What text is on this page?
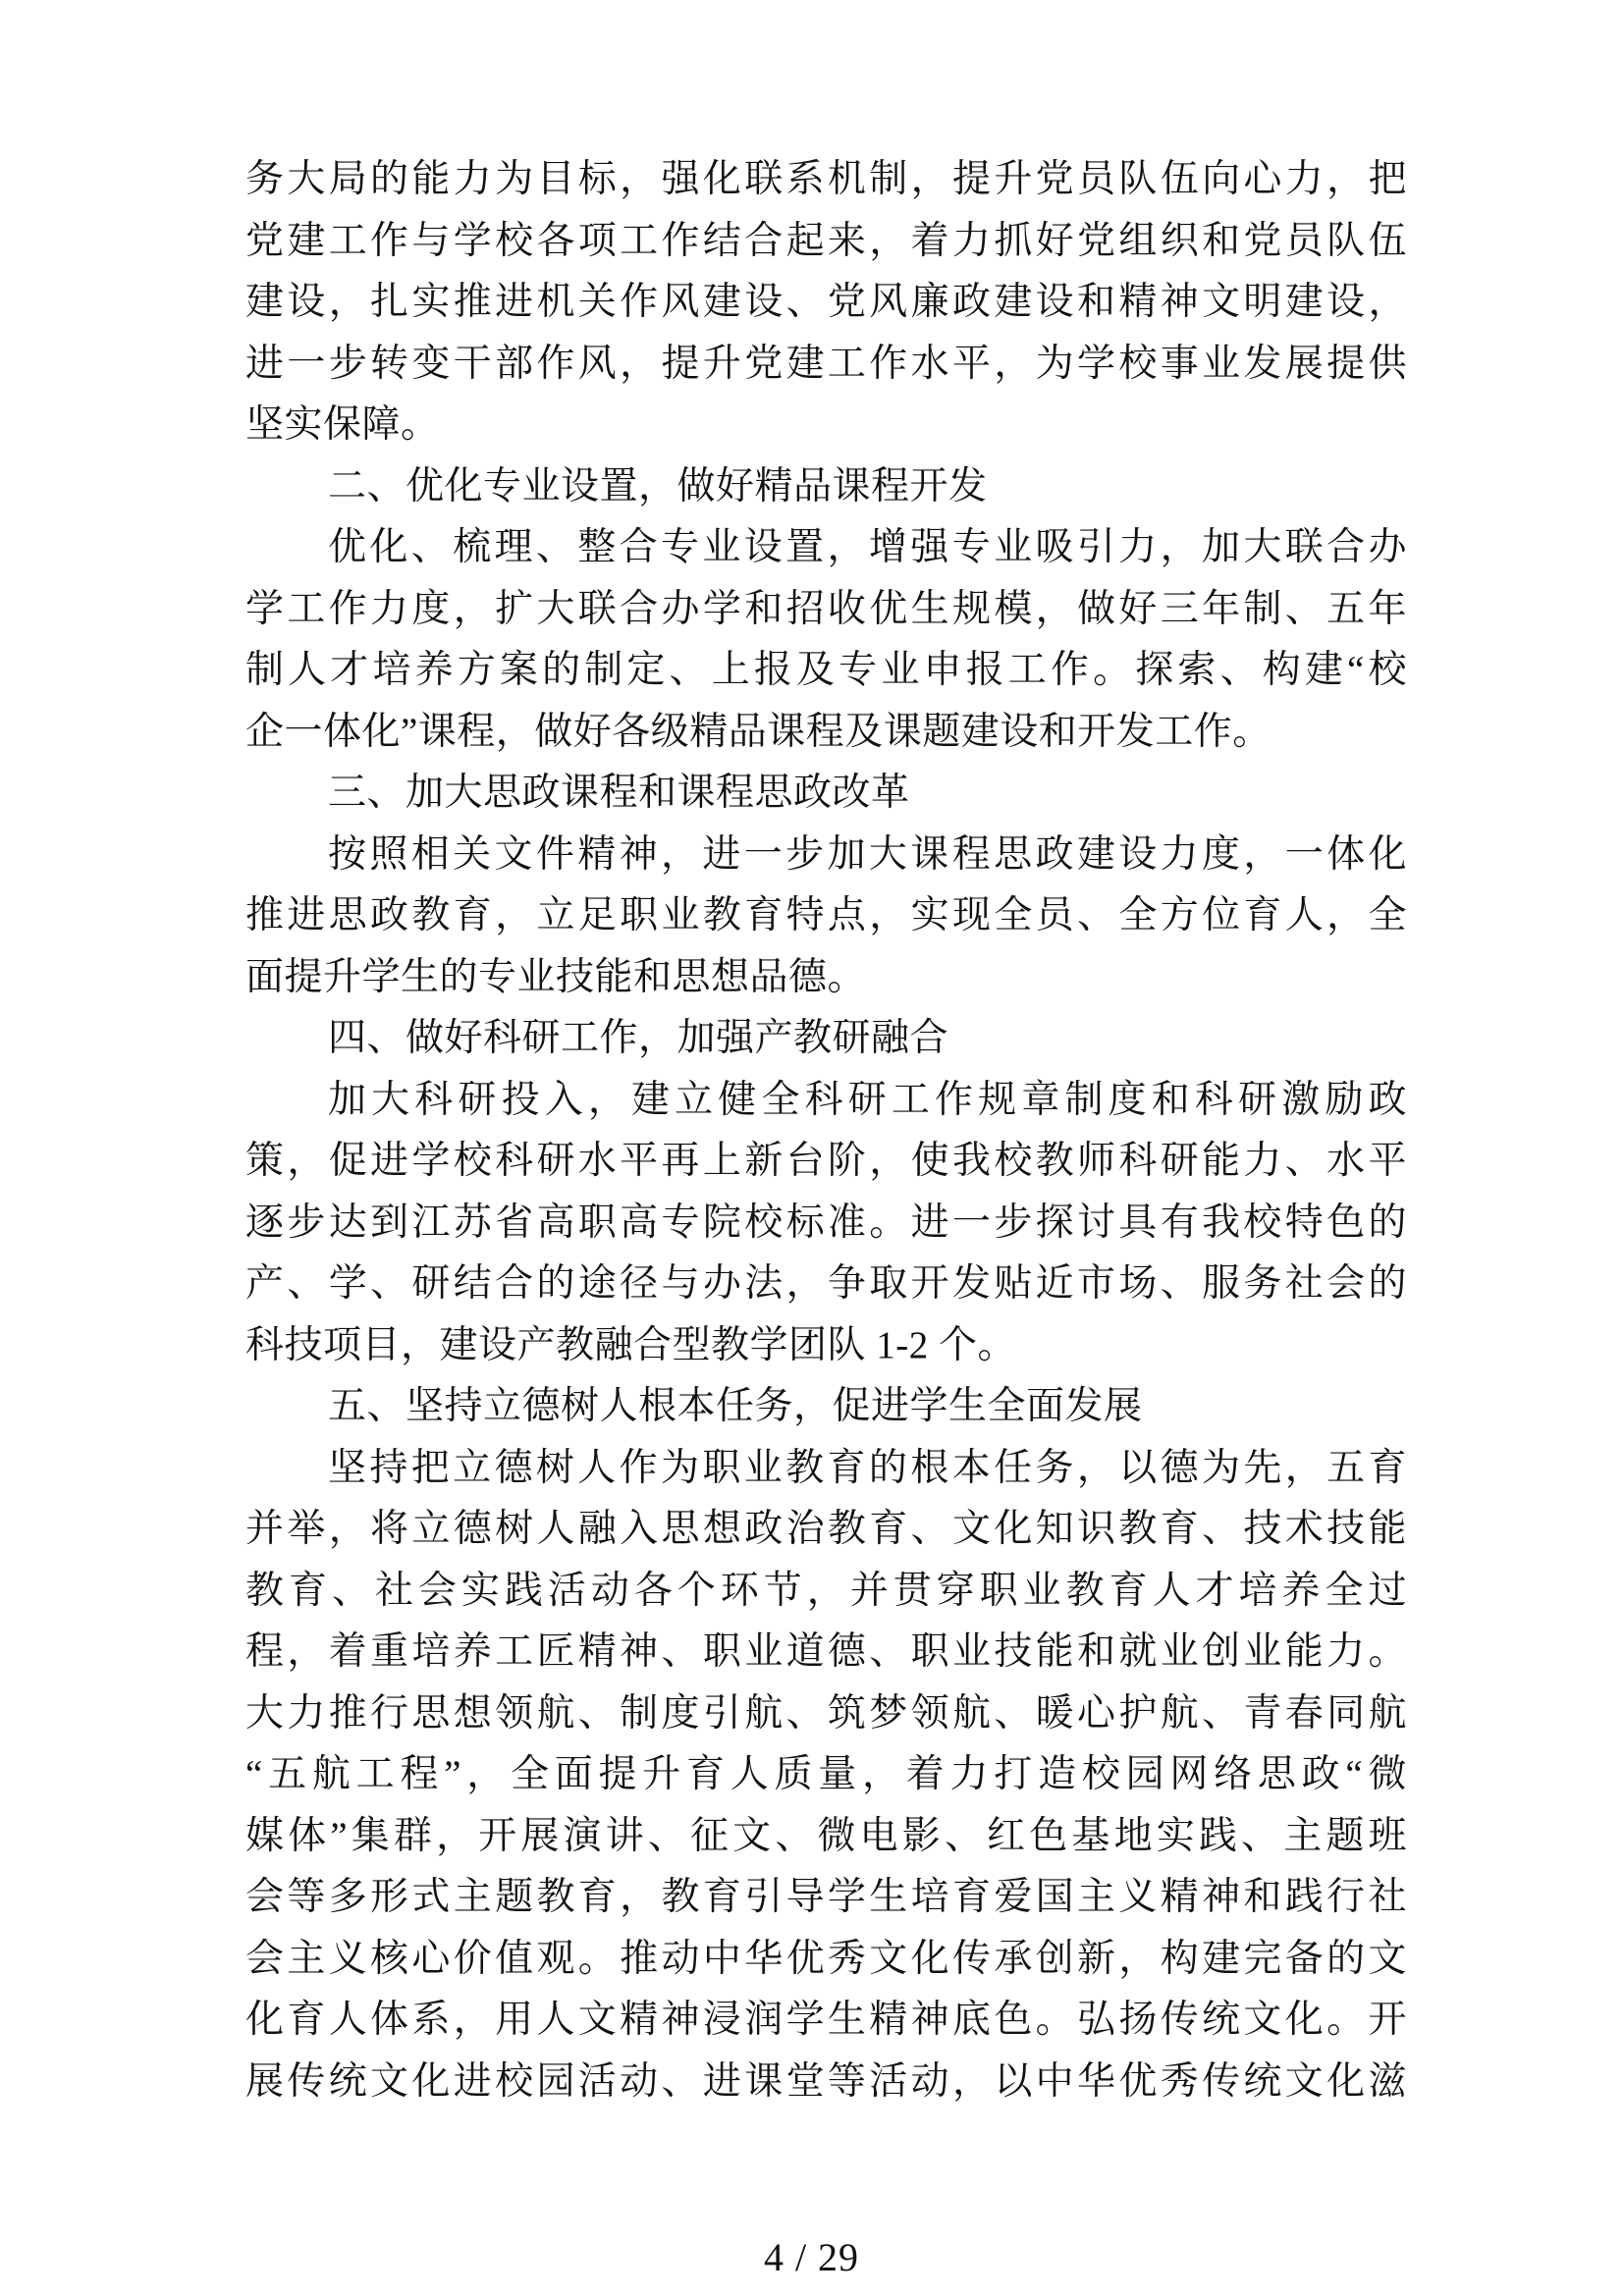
务大局的能力为目标，强化联系机制，提升党员队伍向心力，把
党建工作与学校各项工作结合起来，着力抓好党组织和党员队伍
建设，扎实推进机关作风建设、党风廉政建设和精神文明建设，
进一步转变干部作风，提升党建工作水平，为学校事业发展提供
坚实保障。
二、优化专业设置，做好精品课程开发
优化、梳理、整合专业设置，增强专业吸引力，加大联合办
学工作力度，扩大联合办学和招收优生规模，做好三年制、五年
制人才培养方案的制定、上报及专业申报工作。探索、构建“校
企一体化”课程，做好各级精品课程及课题建设和开发工作。
三、加大思政课程和课程思政改革
按照相关文件精神，进一步加大课程思政建设力度，一体化
推进思政教育，立足职业教育特点，实现全员、全方位育人，全
面提升学生的专业技能和思想品德。
四、做好科研工作，加强产教研融合
加大科研投入，建立健全科研工作规章制度和科研激励政
策，促进学校科研水平再上新台阶，使我校教师科研能力、水平
逐步达到江苏省高职高专院校标准。进一步探讨具有我校特色的
产、学、研结合的途径与办法，争取开发贴近市场、服务社会的
科技项目，建设产教融合型教学团队 1-2 个。
五、坚持立德树人根本任务，促进学生全面发展
坚持把立德树人作为职业教育的根本任务，以德为先，五育
并举，将立德树人融入思想政治教育、文化知识教育、技术技能
教育、社会实践活动各个环节，并贯穿职业教育人才培养全过
程，着重培养工匠精神、职业道德、职业技能和就业创业能力。
大力推行思想领航、制度引航、筑梦领航、暖心护航、青春同航
“五航工程”，全面提升育人质量，着力打造校园网络思政“微
媒体”集群，开展演讲、征文、微电影、红色基地实践、主题班
会等多形式主题教育，教育引导学生培育爱国主义精神和践行社
会主义核心价值观。推动中华优秀文化传承创新，构建完备的文
化育人体系，用人文精神浸润学生精神底色。弘扬传统文化。开
展传统文化进校园活动、进课堂等活动，以中华优秀传统文化滋
4 / 29
